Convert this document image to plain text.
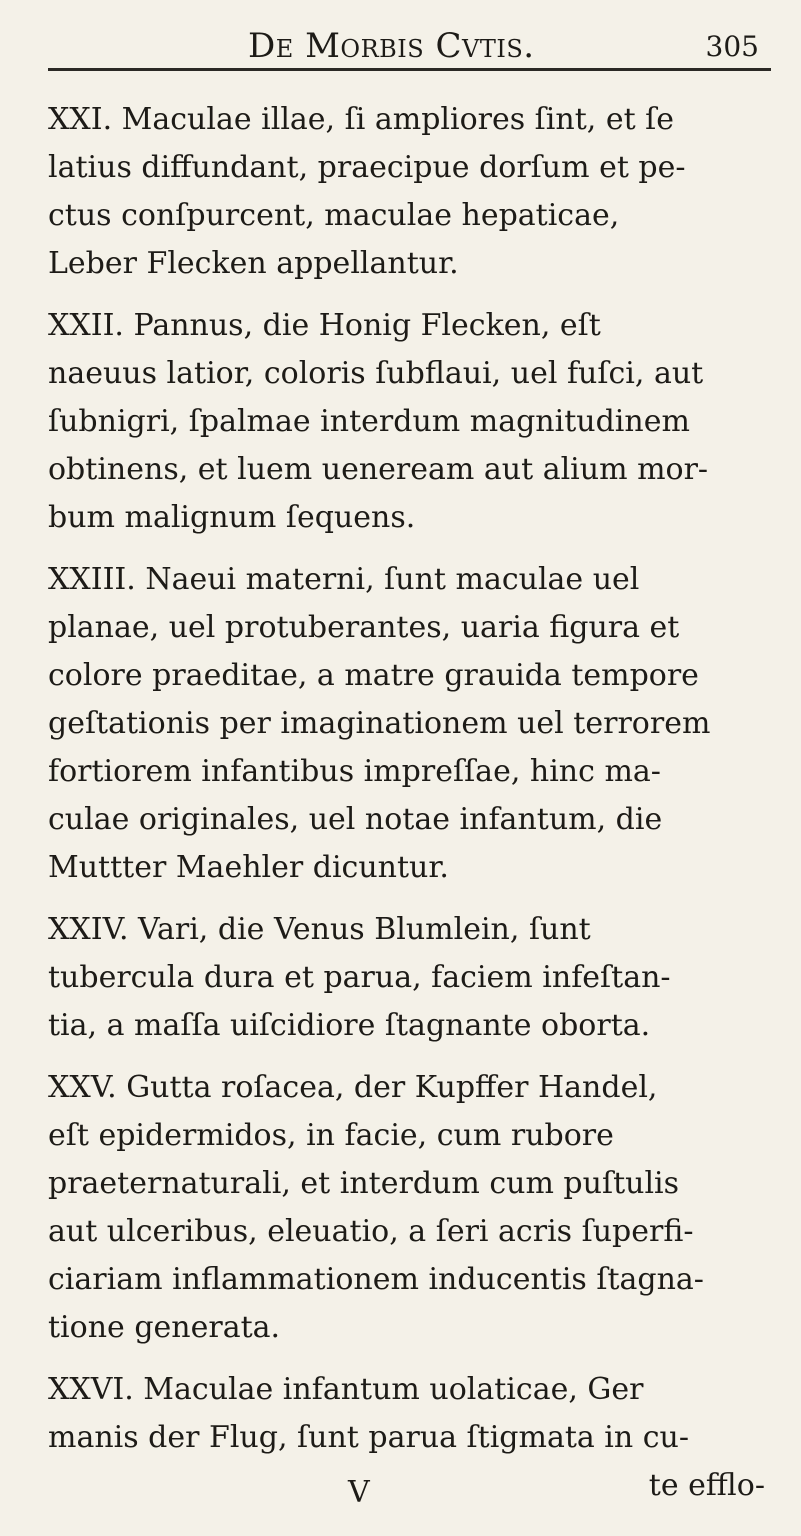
De Morbis Cvtis.	305
XXI. Maculae illae, ſi ampliores ſint, et ſe
latius diffundant, praecipue dorſum et pe-
ctus conſpurcent, maculae hepaticae,
Leber Flecken appellantur.
XXII. Pannus, die Honig Flecken, eſt
naeuus latior, coloris ſubflaui, uel fuſci, aut
ſubnigri, ſpalmae interdum magnitudinem
obtinens, et luem ueneream aut alium mor-
bum malignum ſequens.
XXIII. Naeui materni, ſunt maculae uel
planae, uel protuberantes, uaria figura et
colore praeditae, a matre grauida tempore
geſtationis per imaginationem uel terrorem
fortiorem infantibus impreſſae, hinc ma-
culae originales, uel notae infantum, die
Muttter Maehler dicuntur.
XXIV. Vari, die Venus Blumlein, ſunt
tubercula dura et parua, faciem infeſtan-
tia, a maſſa uiſcidiore ſtagnante oborta.
XXV. Gutta roſacea, der Kupffer Handel,
eſt epidermidos, in facie, cum rubore
praeternaturali, et interdum cum puſtulis
aut ulceribus, eleuatio, a ſeri acris ſuperfi-
ciariam inflammationem inducentis ſtagna-
tione generata.
XXVI. Maculae infantum uolaticae, Ger
manis der Flug, ſunt parua ſtigmata in cu-
te efflo-
V
